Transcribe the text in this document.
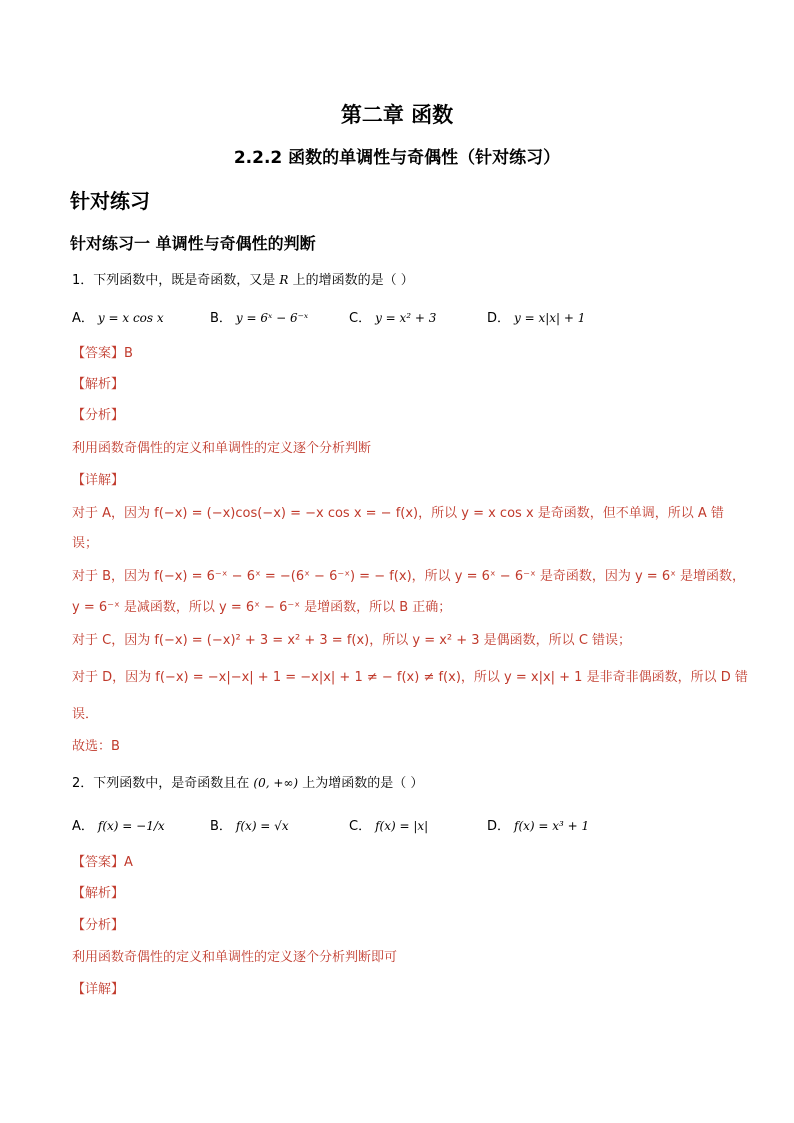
第二章 函数
2.2.2 函数的单调性与奇偶性（针对练习）
针对练习
针对练习一 单调性与奇偶性的判断
1．下列函数中，既是奇函数，又是 R 上的增函数的是（ ）
A． y = x cos x	B． y = 6ˣ − 6⁻ˣ	C． y = x² + 3	D． y = x|x| + 1
【答案】B
【解析】
【分析】
利用函数奇偶性的定义和单调性的定义逐个分析判断
【详解】
对于 A，因为 f(−x) = (−x)cos(−x) = −x cos x = − f(x)，所以 y = x cos x 是奇函数，但不单调，所以 A 错
误；
对于 B，因为 f(−x) = 6⁻ˣ − 6ˣ = −(6ˣ − 6⁻ˣ) = − f(x)，所以 y = 6ˣ − 6⁻ˣ 是奇函数，因为 y = 6ˣ 是增函数，
y = 6⁻ˣ 是减函数，所以 y = 6ˣ − 6⁻ˣ 是增函数，所以 B 正确；
对于 C，因为 f(−x) = (−x)² + 3 = x² + 3 = f(x)，所以 y = x² + 3 是偶函数，所以 C 错误；
对于 D，因为 f(−x) = −x|−x| + 1 = −x|x| + 1 ≠ − f(x) ≠ f(x)，所以 y = x|x| + 1 是非奇非偶函数，所以 D 错
误．
故选：B
2．下列函数中，是奇函数且在 (0, +∞) 上为增函数的是（ ）
A． f(x) = −1/x	B． f(x) = √x	C． f(x) = |x|	D． f(x) = x³ + 1
【答案】A
【解析】
【分析】
利用函数奇偶性的定义和单调性的定义逐个分析判断即可
【详解】
